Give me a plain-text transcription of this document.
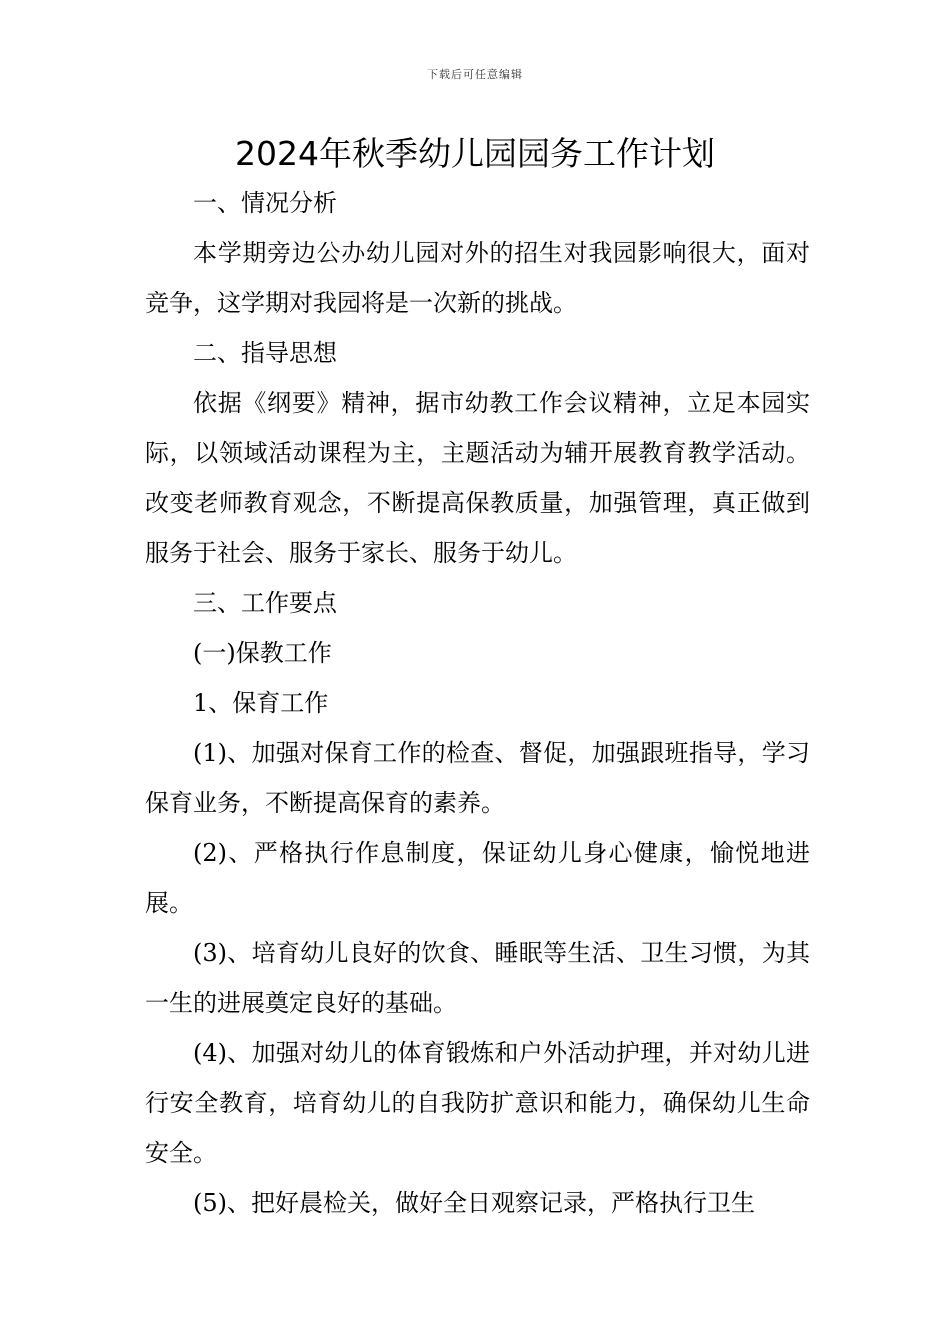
下载后可任意编辑
2024年秋季幼儿园园务工作计划

一、情况分析

本学期旁边公办幼儿园对外的招生对我园影响很大，面对竞争，这学期对我园将是一次新的挑战。

二、指导思想

依据《纲要》精神，据市幼教工作会议精神，立足本园实际，以领域活动课程为主，主题活动为辅开展教育教学活动。改变老师教育观念，不断提高保教质量，加强管理，真正做到服务于社会、服务于家长、服务于幼儿。

三、工作要点

(一)保教工作

1、保育工作

(1)、加强对保育工作的检查、督促，加强跟班指导，学习保育业务，不断提高保育的素养。

(2)、严格执行作息制度，保证幼儿身心健康，愉悦地进展。

(3)、培育幼儿良好的饮食、睡眠等生活、卫生习惯，为其一生的进展奠定良好的基础。

(4)、加强对幼儿的体育锻炼和户外活动护理，并对幼儿进行安全教育，培育幼儿的自我防扩意识和能力，确保幼儿生命安全。

(5)、把好晨检关，做好全日观察记录，严格执行卫生
